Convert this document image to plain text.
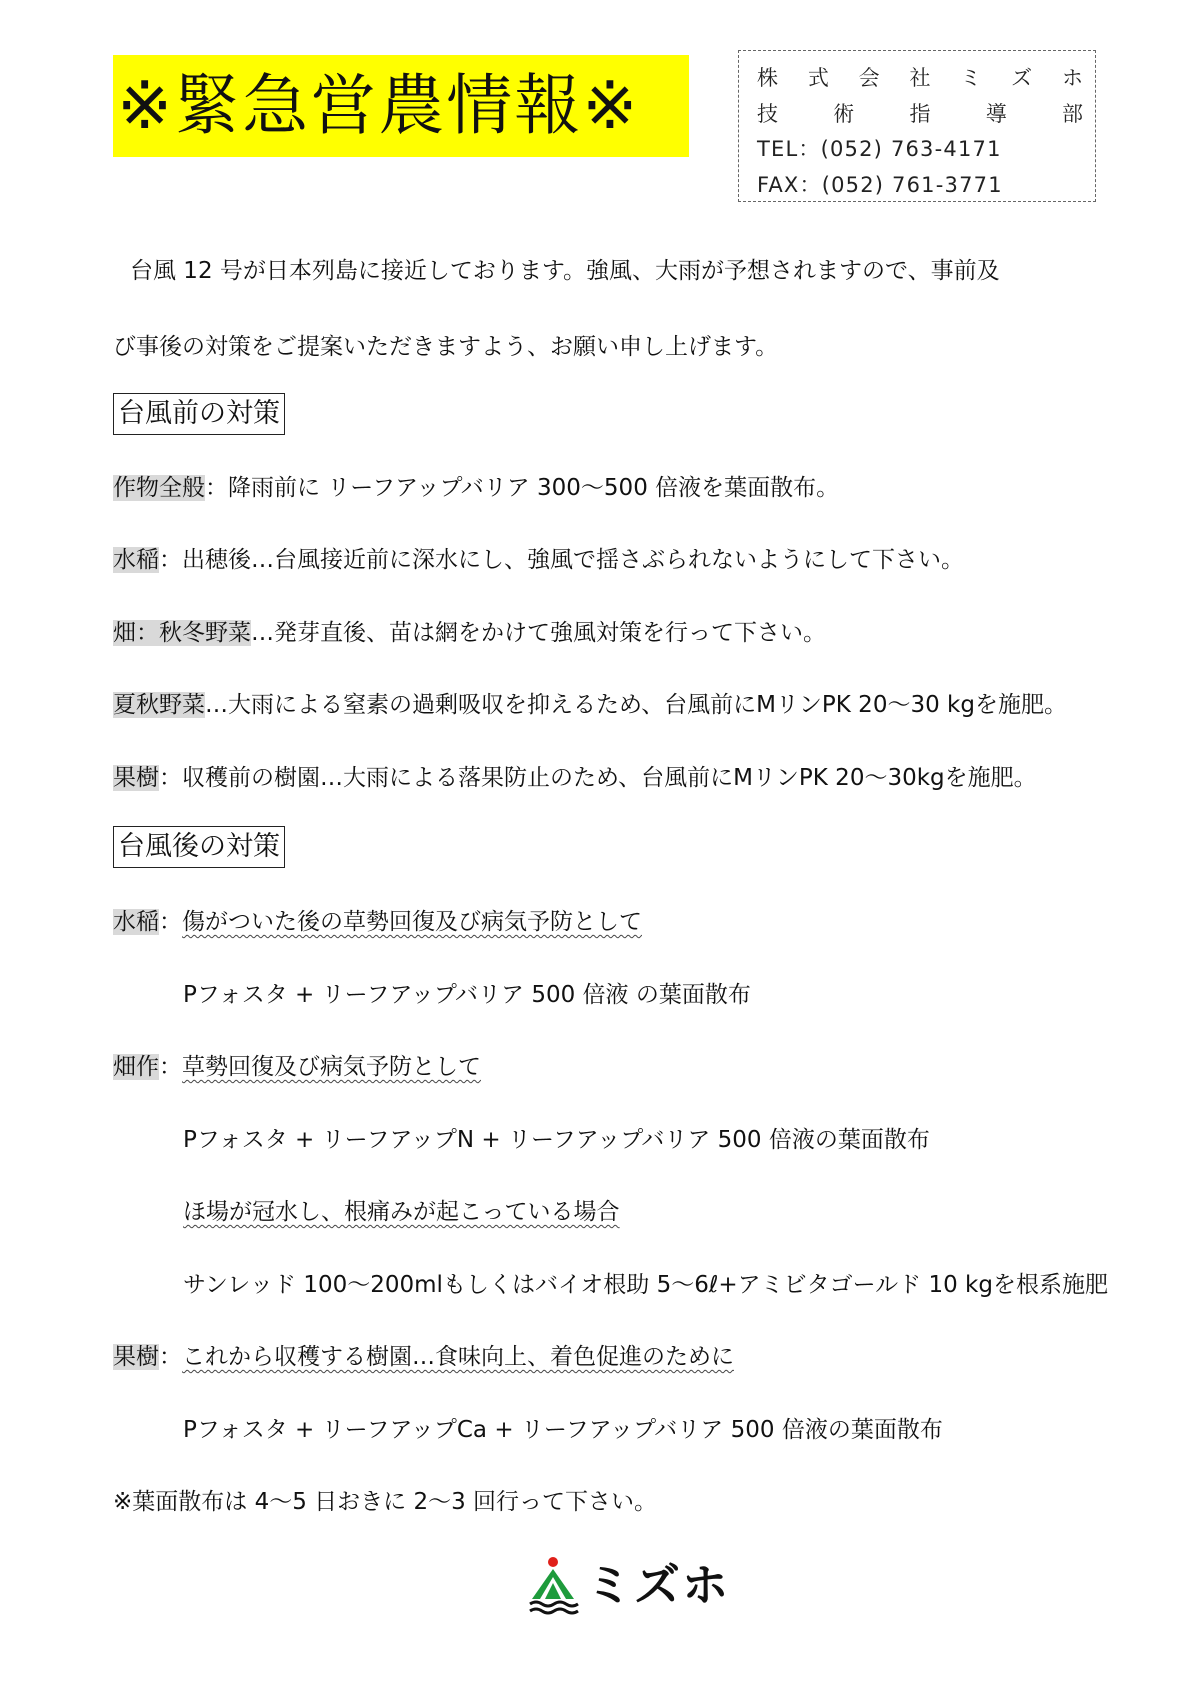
※緊急営農情報※	株式会社ミズホ
技術指導部
TEL：(052) 763-4171
FAX：(052) 761-3771
台風 12 号が日本列島に接近しております。強風、大雨が予想されますので、事前及
び事後の対策をご提案いただきますよう、お願い申し上げます。
台風前の対策
作物全般：降雨前に リーフアップバリア 300～500 倍液を葉面散布。
水稲：出穂後…台風接近前に深水にし、強風で揺さぶられないようにして下さい。
畑：秋冬野菜…発芽直後、苗は網をかけて強風対策を行って下さい。
夏秋野菜…大雨による窒素の過剰吸収を抑えるため、台風前にMリンPK 20～30 kgを施肥。
果樹：収穫前の樹園…大雨による落果防止のため、台風前にMリンPK 20～30kgを施肥。
台風後の対策
水稲：傷がついた後の草勢回復及び病気予防として
Pフォスタ + リーフアップバリア 500 倍液 の葉面散布
畑作：草勢回復及び病気予防として
Pフォスタ + リーフアップN + リーフアップバリア 500 倍液の葉面散布
ほ場が冠水し、根痛みが起こっている場合
サンレッド 100～200mlもしくはバイオ根助 5～6ℓ+アミビタゴールド 10 kgを根系施肥
果樹：これから収穫する樹園…食味向上、着色促進のために
Pフォスタ + リーフアップCa + リーフアップバリア 500 倍液の葉面散布
※葉面散布は 4～5 日おきに 2～3 回行って下さい。
ミズホ
